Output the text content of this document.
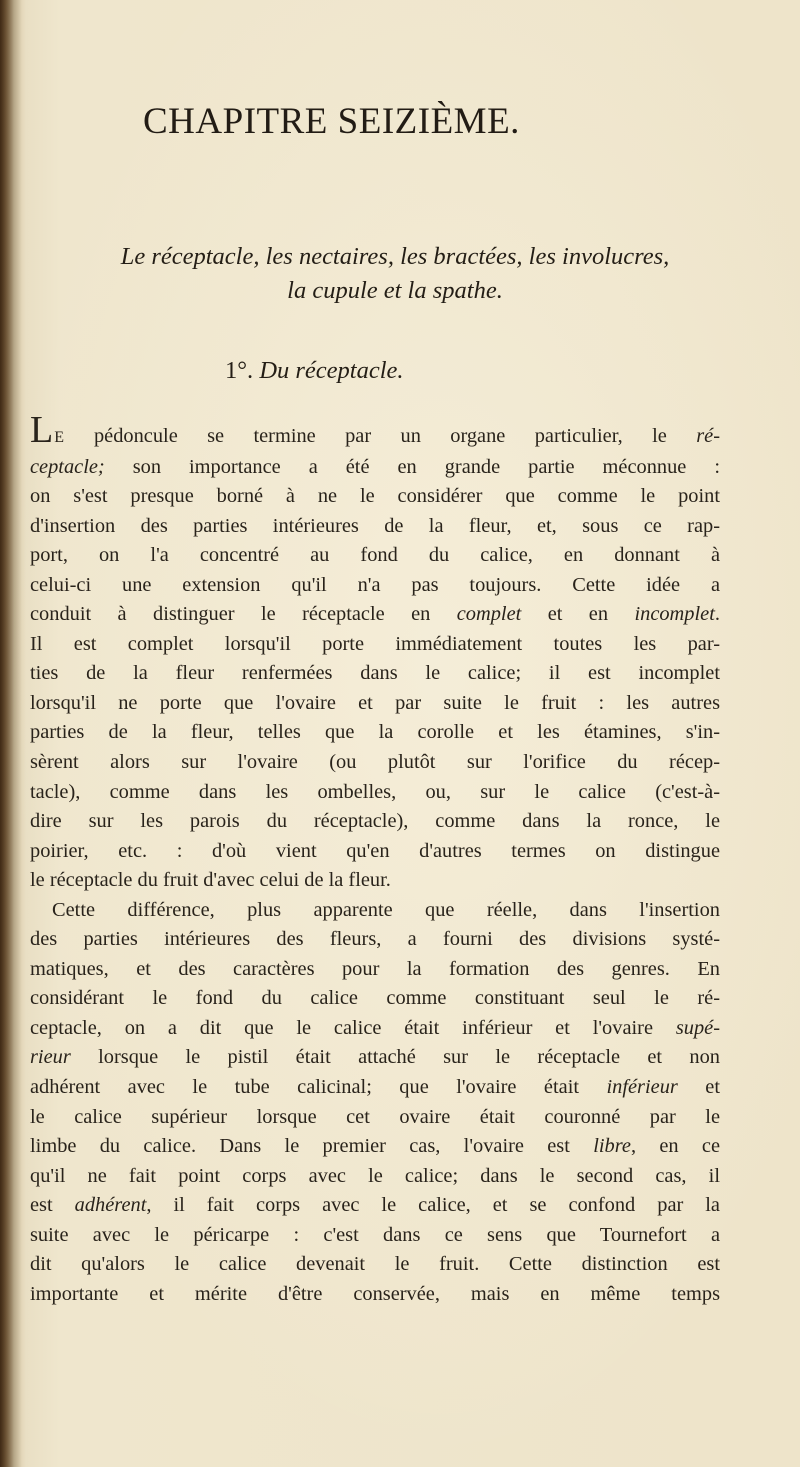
CHAPITRE SEIZIÈME.
Le réceptacle, les nectaires, les bractées, les involucres,
la cupule et la spathe.
1°. Du réceptacle.
LE pédoncule se termine par un organe particulier, le ré-
ceptacle; son importance a été en grande partie méconnue :
on s'est presque borné à ne le considérer que comme le point
d'insertion des parties intérieures de la fleur, et, sous ce rap-
port, on l'a concentré au fond du calice, en donnant à
celui-ci une extension qu'il n'a pas toujours. Cette idée a
conduit à distinguer le réceptacle en complet et en incomplet.
Il est complet lorsqu'il porte immédiatement toutes les par-
ties de la fleur renfermées dans le calice; il est incomplet
lorsqu'il ne porte que l'ovaire et par suite le fruit : les autres
parties de la fleur, telles que la corolle et les étamines, s'in-
sèrent alors sur l'ovaire (ou plutôt sur l'orifice du récep-
tacle), comme dans les ombelles, ou, sur le calice (c'est-à-
dire sur les parois du réceptacle), comme dans la ronce, le
poirier, etc. : d'où vient qu'en d'autres termes on distingue
le réceptacle du fruit d'avec celui de la fleur.
Cette différence, plus apparente que réelle, dans l'insertion
des parties intérieures des fleurs, a fourni des divisions systé-
matiques, et des caractères pour la formation des genres. En
considérant le fond du calice comme constituant seul le ré-
ceptacle, on a dit que le calice était inférieur et l'ovaire supé-
rieur lorsque le pistil était attaché sur le réceptacle et non
adhérent avec le tube calicinal; que l'ovaire était inférieur et
le calice supérieur lorsque cet ovaire était couronné par le
limbe du calice. Dans le premier cas, l'ovaire est libre, en ce
qu'il ne fait point corps avec le calice; dans le second cas, il
est adhérent, il fait corps avec le calice, et se confond par la
suite avec le péricarpe : c'est dans ce sens que Tournefort a
dit qu'alors le calice devenait le fruit. Cette distinction est
importante et mérite d'être conservée, mais en même temps
